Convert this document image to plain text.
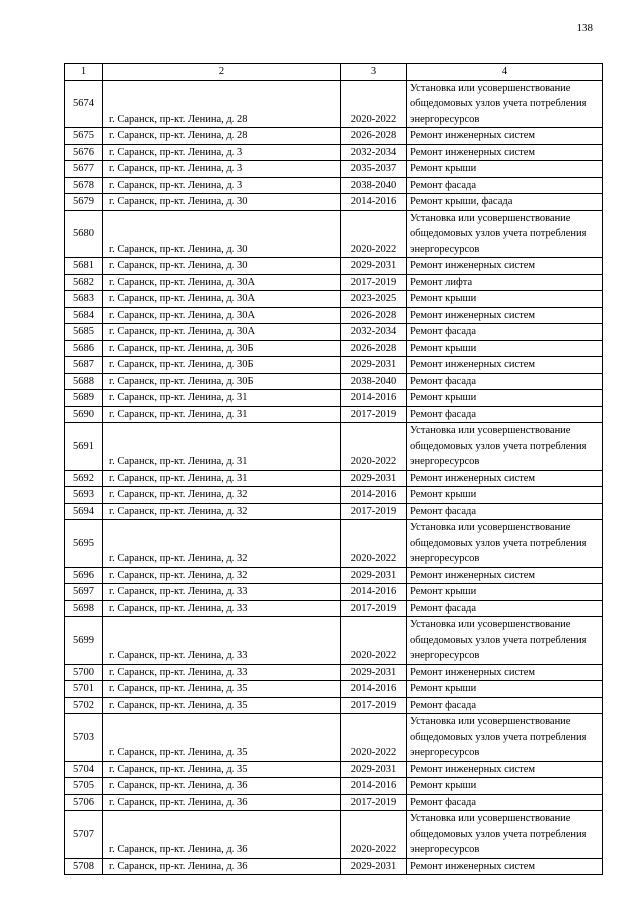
138
1	2	3	4
5674	г. Саранск, пр-кт. Ленина, д. 28	2020-2022	Установка или усовершенствование общедомовых узлов учета потребления энергоресурсов
5675	г. Саранск, пр-кт. Ленина, д. 28	2026-2028	Ремонт инженерных систем
5676	г. Саранск, пр-кт. Ленина, д. 3	2032-2034	Ремонт инженерных систем
5677	г. Саранск, пр-кт. Ленина, д. 3	2035-2037	Ремонт крыши
5678	г. Саранск, пр-кт. Ленина, д. 3	2038-2040	Ремонт фасада
5679	г. Саранск, пр-кт. Ленина, д. 30	2014-2016	Ремонт крыши, фасада
5680	г. Саранск, пр-кт. Ленина, д. 30	2020-2022	Установка или усовершенствование общедомовых узлов учета потребления энергоресурсов
5681	г. Саранск, пр-кт. Ленина, д. 30	2029-2031	Ремонт инженерных систем
5682	г. Саранск, пр-кт. Ленина, д. 30А	2017-2019	Ремонт лифта
5683	г. Саранск, пр-кт. Ленина, д. 30А	2023-2025	Ремонт крыши
5684	г. Саранск, пр-кт. Ленина, д. 30А	2026-2028	Ремонт инженерных систем
5685	г. Саранск, пр-кт. Ленина, д. 30А	2032-2034	Ремонт фасада
5686	г. Саранск, пр-кт. Ленина, д. 30Б	2026-2028	Ремонт крыши
5687	г. Саранск, пр-кт. Ленина, д. 30Б	2029-2031	Ремонт инженерных систем
5688	г. Саранск, пр-кт. Ленина, д. 30Б	2038-2040	Ремонт фасада
5689	г. Саранск, пр-кт. Ленина, д. 31	2014-2016	Ремонт крыши
5690	г. Саранск, пр-кт. Ленина, д. 31	2017-2019	Ремонт фасада
5691	г. Саранск, пр-кт. Ленина, д. 31	2020-2022	Установка или усовершенствование общедомовых узлов учета потребления энергоресурсов
5692	г. Саранск, пр-кт. Ленина, д. 31	2029-2031	Ремонт инженерных систем
5693	г. Саранск, пр-кт. Ленина, д. 32	2014-2016	Ремонт крыши
5694	г. Саранск, пр-кт. Ленина, д. 32	2017-2019	Ремонт фасада
5695	г. Саранск, пр-кт. Ленина, д. 32	2020-2022	Установка или усовершенствование общедомовых узлов учета потребления энергоресурсов
5696	г. Саранск, пр-кт. Ленина, д. 32	2029-2031	Ремонт инженерных систем
5697	г. Саранск, пр-кт. Ленина, д. 33	2014-2016	Ремонт крыши
5698	г. Саранск, пр-кт. Ленина, д. 33	2017-2019	Ремонт фасада
5699	г. Саранск, пр-кт. Ленина, д. 33	2020-2022	Установка или усовершенствование общедомовых узлов учета потребления энергоресурсов
5700	г. Саранск, пр-кт. Ленина, д. 33	2029-2031	Ремонт инженерных систем
5701	г. Саранск, пр-кт. Ленина, д. 35	2014-2016	Ремонт крыши
5702	г. Саранск, пр-кт. Ленина, д. 35	2017-2019	Ремонт фасада
5703	г. Саранск, пр-кт. Ленина, д. 35	2020-2022	Установка или усовершенствование общедомовых узлов учета потребления энергоресурсов
5704	г. Саранск, пр-кт. Ленина, д. 35	2029-2031	Ремонт инженерных систем
5705	г. Саранск, пр-кт. Ленина, д. 36	2014-2016	Ремонт крыши
5706	г. Саранск, пр-кт. Ленина, д. 36	2017-2019	Ремонт фасада
5707	г. Саранск, пр-кт. Ленина, д. 36	2020-2022	Установка или усовершенствование общедомовых узлов учета потребления энергоресурсов
5708	г. Саранск, пр-кт. Ленина, д. 36	2029-2031	Ремонт инженерных систем
